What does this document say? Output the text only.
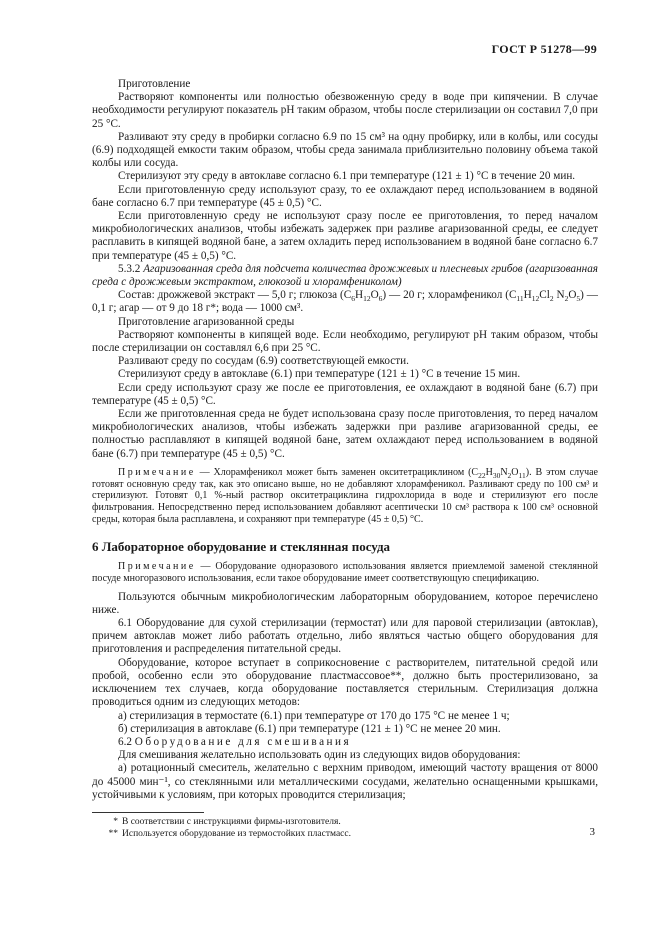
ГОСТ Р 51278—99

Приготовление

Растворяют компоненты или полностью обезвоженную среду в воде при кипячении. В случае необходимости регулируют показатель pH таким образом, чтобы после стерилизации он составил 7,0 при 25 °С.

Разливают эту среду в пробирки согласно 6.9 по 15 см³ на одну пробирку, или в колбы, или сосуды (6.9) подходящей емкости таким образом, чтобы среда занимала приблизительно половину объема такой колбы или сосуда.

Стерилизуют эту среду в автоклаве согласно 6.1 при температуре (121 ± 1) °С в течение 20 мин.

Если приготовленную среду используют сразу, то ее охлаждают перед использованием в водяной бане согласно 6.7 при температуре (45 ± 0,5) °С.

Если приготовленную среду не используют сразу после ее приготовления, то перед началом микробиологических анализов, чтобы избежать задержек при разливе агаризованной среды, ее следует расплавить в кипящей водяной бане, а затем охладить перед использованием в водяной бане согласно 6.7 при температуре (45 ± 0,5) °С.

5.3.2 Агаризованная среда для подсчета количества дрожжевых и плесневых грибов (агаризованная среда с дрожжевым экстрактом, глюкозой и хлорамфениколом)

Состав: дрожжевой экстракт — 5,0 г; глюкоза $(C_6H_{12}O_6)$ — 20 г; хлорамфеникол ($C_{11}H_{12}Cl_2$ $N_2O_5$) — 0,1 г; агар — от 9 до 18 г*; вода — 1000 см³.

Приготовление агаризованной среды

Растворяют компоненты в кипящей воде. Если необходимо, регулируют pH таким образом, чтобы после стерилизации он составлял 6,6 при 25 °С.

Разливают среду по сосудам (6.9) соответствующей емкости.

Стерилизуют среду в автоклаве (6.1) при температуре (121 ± 1) °С в течение 15 мин.

Если среду используют сразу же после ее приготовления, ее охлаждают в водяной бане (6.7) при температуре (45 ± 0,5) °С.

Если же приготовленная среда не будет использована сразу после приготовления, то перед началом микробиологических анализов, чтобы избежать задержки при разливе агаризованной среды, ее полностью расплавляют в кипящей водяной бане, затем охлаждают перед использованием в водяной бане (6.7) при температуре (45 ± 0,5) °С.

Примечание — Хлорамфеникол может быть заменен окситетрациклином $(C_{22}H_{30}N_2O_{11})$. В этом случае готовят основную среду так, как это описано выше, но не добавляют хлорамфеникол. Разливают среду по 100 см³ и стерилизуют. Готовят 0,1 %-ный раствор окситетрациклина гидрохлорида в воде и стерилизуют его после фильтрования. Непосредственно перед использованием добавляют асептически 10 см³ раствора к 100 см³ основной среды, которая была расплавлена, и сохраняют при температуре (45 ± 0,5) °С.

6 Лабораторное оборудование и стеклянная посуда

Примечание — Оборудование одноразового использования является приемлемой заменой стеклянной посуде многоразового использования, если такое оборудование имеет соответствующую спецификацию.

Пользуются обычным микробиологическим лабораторным оборудованием, которое перечислено ниже.

6.1 Оборудование для сухой стерилизации (термостат) или для паровой стерилизации (автоклав), причем автоклав может либо работать отдельно, либо являться частью общего оборудования для приготовления и распределения питательной среды.

Оборудование, которое вступает в соприкосновение с растворителем, питательной средой или пробой, особенно если это оборудование пластмассовое**, должно быть простерилизовано, за исключением тех случаев, когда оборудование поставляется стерильным. Стерилизация должна проводиться одним из следующих методов:

а) стерилизация в термостате (6.1) при температуре от 170 до 175 °С не менее 1 ч;

б) стерилизация в автоклаве (6.1) при температуре (121 ± 1) °С не менее 20 мин.

6.2 Оборудование для смешивания

Для смешивания желательно использовать один из следующих видов оборудования:

а) ротационный смеситель, желательно с верхним приводом, имеющий частоту вращения от 8000 до 45000 мин⁻¹, со стеклянными или металлическими сосудами, желательно оснащенными крышками, устойчивыми к условиям, при которых проводится стерилизация;

* В соответствии с инструкциями фирмы-изготовителя.

** Используется оборудование из термостойких пластмасс.	3
